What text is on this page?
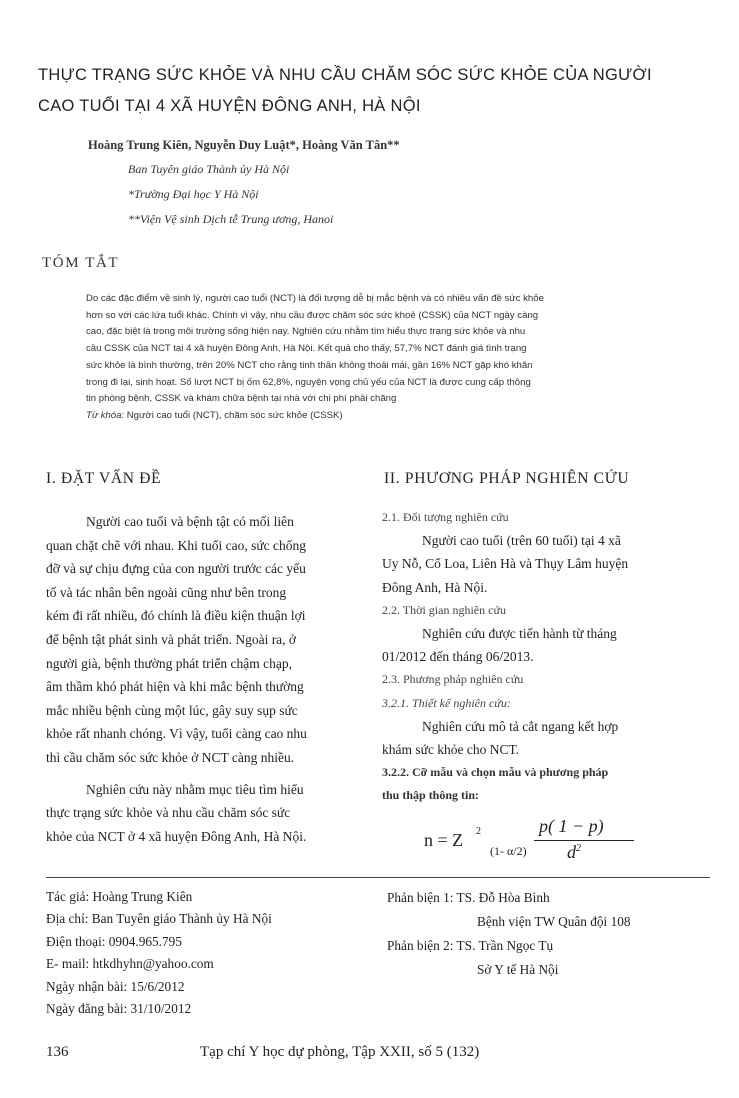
THỰC TRẠNG SỨC KHỎE VÀ NHU CẦU CHĂM SÓC SỨC KHỎE CỦA NGƯỜI
CAO TUỔI TẠI 4 XÃ HUYỆN ĐÔNG ANH, HÀ NỘI
Hoàng Trung Kiên, Nguyễn Duy Luật*, Hoàng Văn Tân**
Ban Tuyên giáo Thành ủy Hà Nội
*Trường Đại học Y Hà Nội
**Viện Vệ sinh Dịch tễ Trung ương, Hanoi
TÓM TẮT
Do các đặc điểm về sinh lý, người cao tuổi (NCT) là đối tượng dễ bị mắc bệnh và có nhiều vấn đề sức khỏe
hơn so với các lứa tuổi khác. Chính vì vậy, nhu cầu được chăm sóc sức khoẻ (CSSK) của NCT ngày càng
cao, đặc biệt là trong môi trường sống hiện nay. Nghiên cứu nhằm tìm hiểu thực trạng sức khỏe và nhu
cầu CSSK của NCT tại 4 xã huyện Đông Anh, Hà Nội. Kết quả cho thấy, 57,7% NCT đánh giá tình trạng
sức khỏe là bình thường, trên 20% NCT cho rằng tinh thần không thoải mái, gần 16% NCT gặp khó khăn
trong đi lại, sinh hoạt. Số lượt NCT bị ốm 62,8%, nguyện vọng chủ yếu của NCT là được cung cấp thông
tin phòng bệnh, CSSK và khám chữa bệnh tại nhà với chi phí phải chăng
Từ khóa: Người cao tuổi (NCT), chăm sóc sức khỏe (CSSK)
I. ĐẶT VẤN ĐỀ	II. PHƯƠNG PHÁP NGHIÊN CỨU
Người cao tuổi và bệnh tật có mối liên
quan chặt chẽ với nhau. Khi tuổi cao, sức chống
đỡ và sự chịu đựng của con người trước các yếu
tố và tác nhân bên ngoài cũng như bên trong
kém đi rất nhiều, đó chính là điều kiện thuận lợi
để bệnh tật phát sinh và phát triển. Ngoài ra, ở
người già, bệnh thường phát triển chậm chạp,
âm thầm khó phát hiện và khi mắc bệnh thường
mắc nhiều bệnh cùng một lúc, gây suy sụp sức
khỏe rất nhanh chóng. Vì vậy, tuổi càng cao nhu
thì cầu chăm sóc sức khỏe ở NCT càng nhiều.
Nghiên cứu này nhằm mục tiêu tìm hiểu
thực trạng sức khỏe và nhu cầu chăm sóc sức
khỏe của NCT ở 4 xã huyện Đông Anh, Hà Nội.
2.1. Đối tượng nghiên cứu
Người cao tuổi (trên 60 tuổi) tại 4 xã
Uy Nỗ, Cổ Loa, Liên Hà và Thụy Lâm huyện
Đông Anh, Hà Nội.
2.2. Thời gian nghiên cứu
Nghiên cứu được tiến hành từ tháng
01/2012 đến tháng 06/2013.
2.3. Phương pháp nghiên cứu
3.2.1. Thiết kế nghiên cứu:
Nghiên cứu mô tả cắt ngang kết hợp
khám sức khỏe cho NCT.
3.2.2. Cỡ mẫu và chọn mẫu và phương pháp
thu thập thông tin:
n = Z 2
(1- α/2)
p( 1 − p)
$d^2$
Tác giả: Hoàng Trung Kiên
Địa chỉ: Ban Tuyên giáo Thành ủy Hà Nội
Điện thoại: 0904.965.795
E- mail: htkdhyhn@yahoo.com
Ngày nhận bài: 15/6/2012
Ngày đăng bài: 31/10/2012
Phản biện 1: TS. Đỗ Hòa Bình
Bệnh viện TW Quân đội 108
Phản biện 2: TS. Trần Ngọc Tụ
Sở Y tế Hà Nội
136	Tạp chí Y học dự phòng, Tập XXII, số 5 (132)
